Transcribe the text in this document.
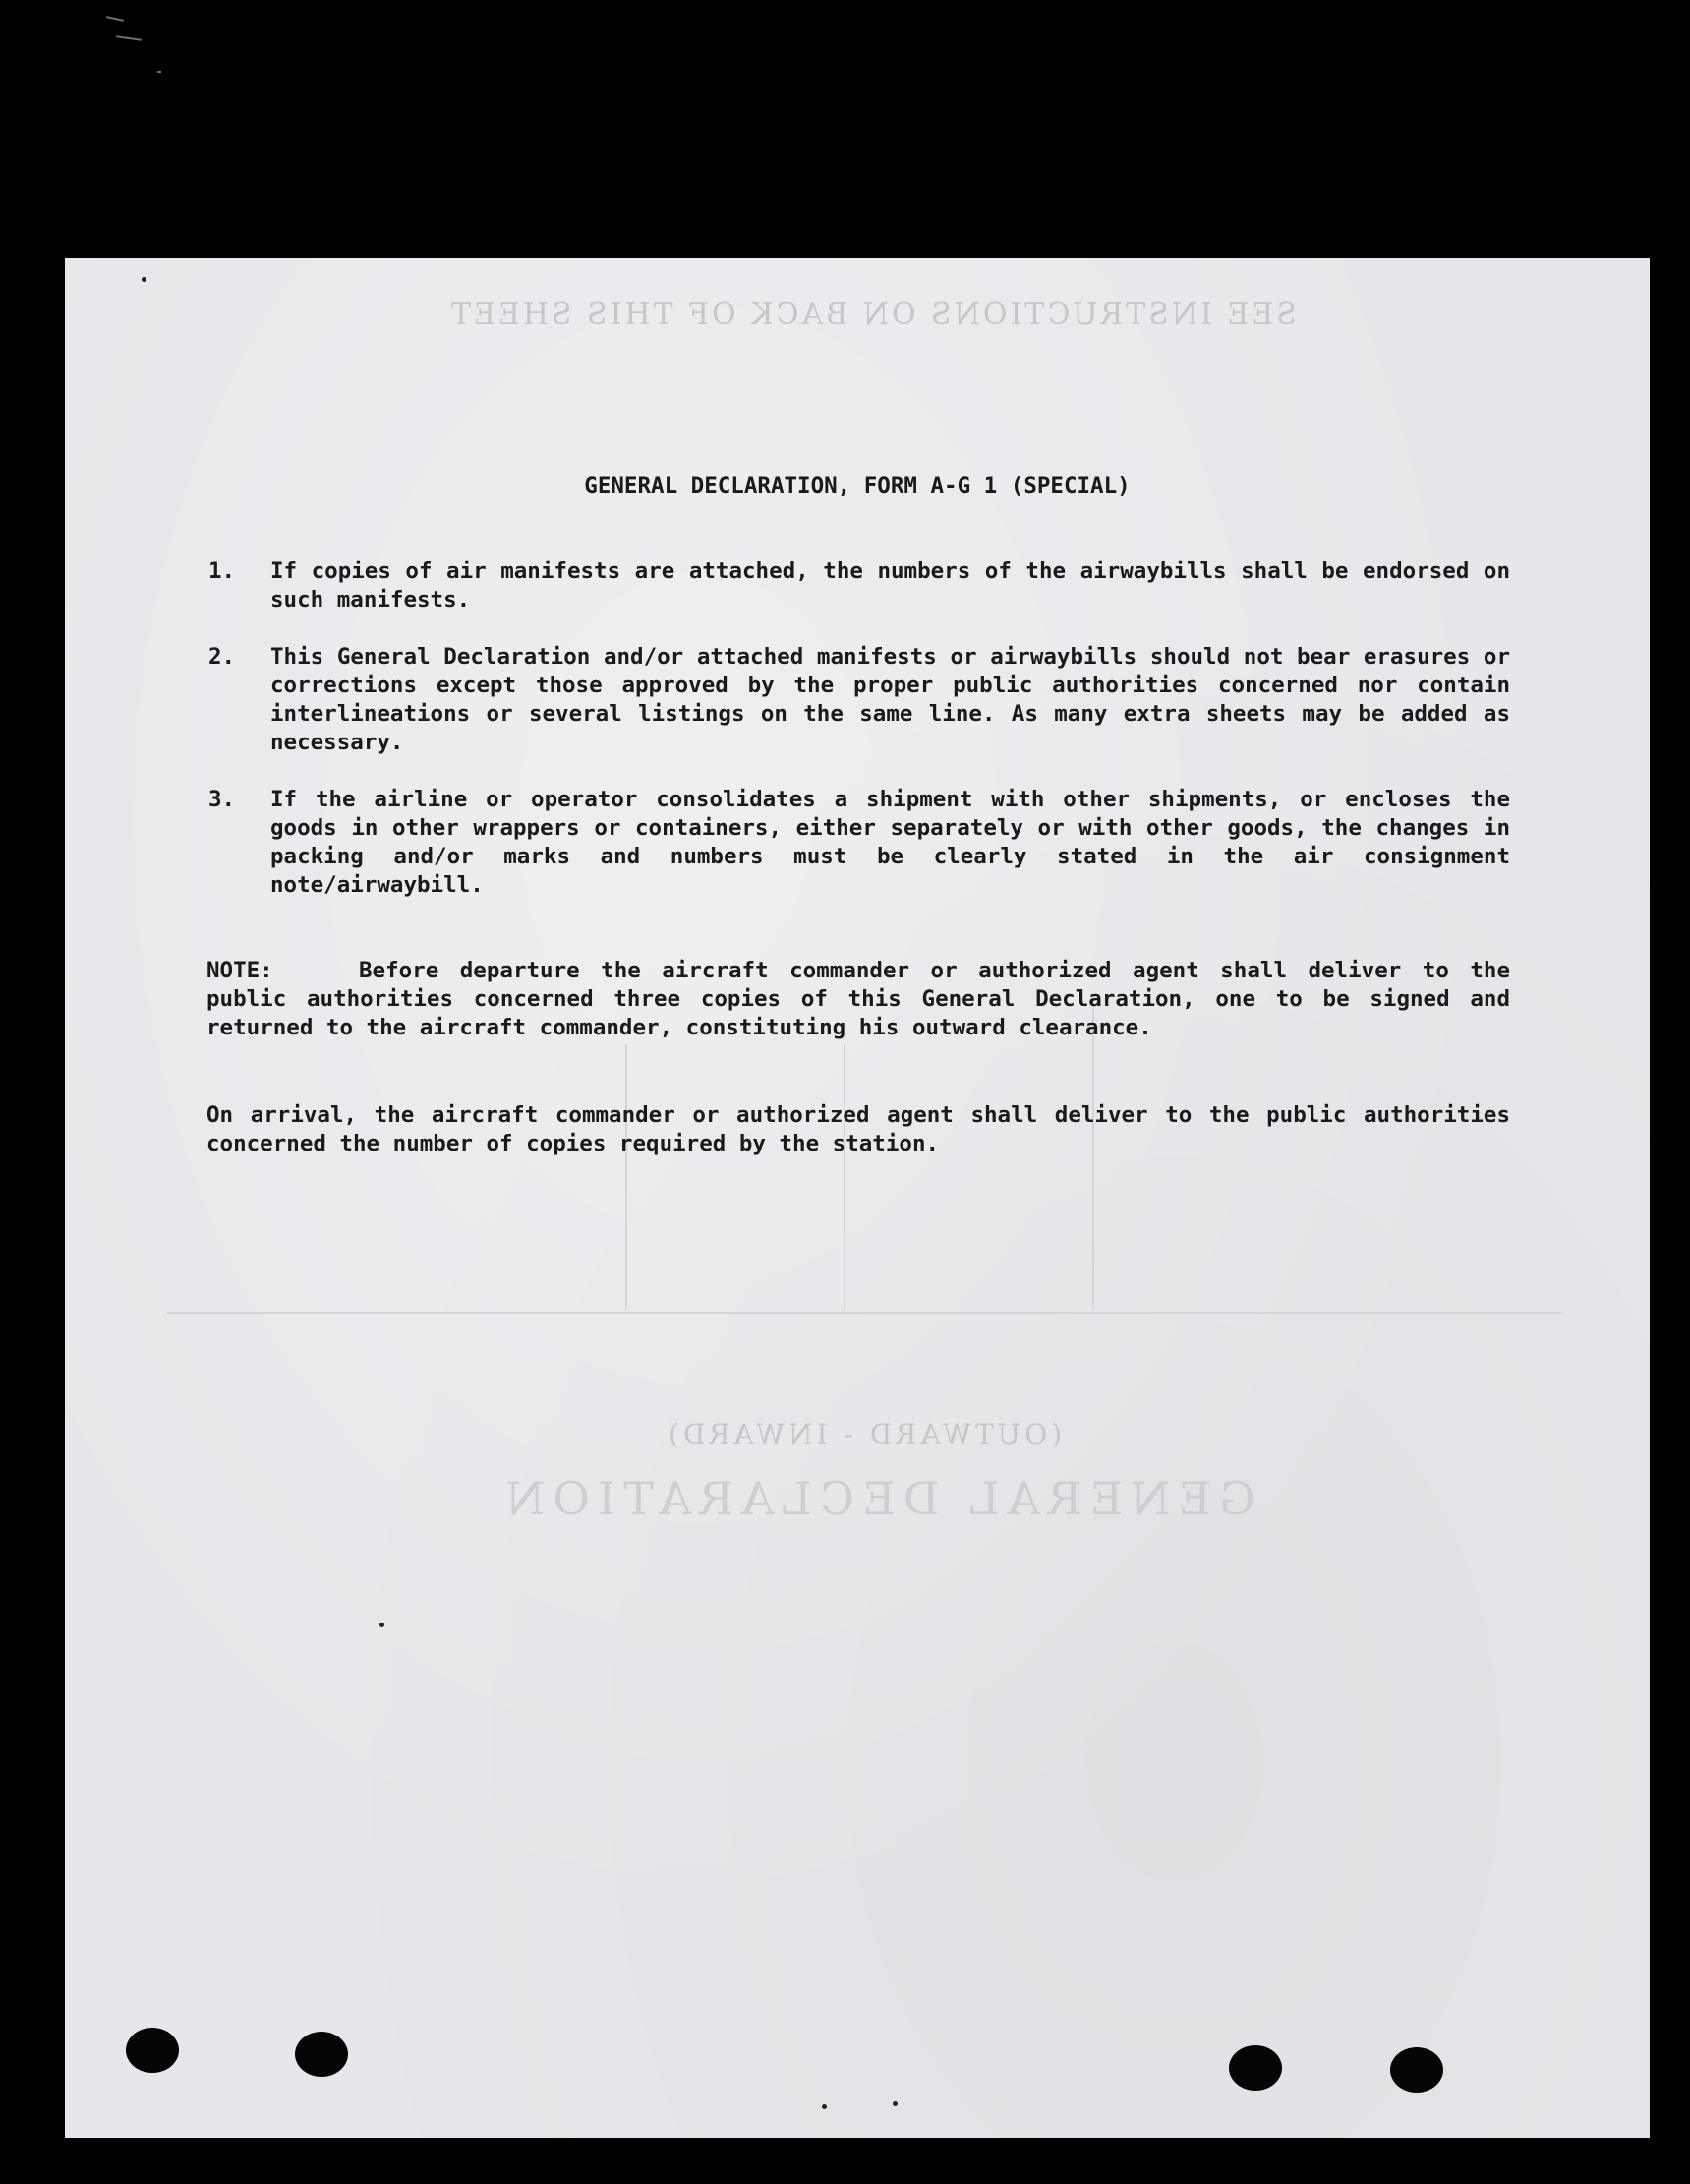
SEE INSTRUCTIONS ON BACK OF THIS SHEET
(OUTWARD - INWARD)
GENERAL DECLARATION
GENERAL DECLARATION, FORM A-G 1 (SPECIAL)
1.	If copies of air manifests are attached, the numbers of the airwaybills shall be endorsed on such manifests.
2.	This General Declaration and/or attached manifests or airwaybills should not bear erasures or corrections except those approved by the proper public authorities concerned nor contain interlineations or several listings on the same line. As many extra sheets may be added as necessary.
3.	If the airline or operator consolidates a shipment with other shipments, or encloses the goods in other wrappers or containers, either separately or with other goods, the changes in packing and/or marks and numbers must be clearly stated in the air consignment note/airwaybill.
NOTE:	Before departure the aircraft commander or authorized agent shall deliver to the public authorities concerned three copies of this General Declaration, one to be signed and returned to the aircraft commander, constituting his outward clearance.
On arrival, the aircraft commander or authorized agent shall deliver to the public authorities concerned the number of copies required by the station.
